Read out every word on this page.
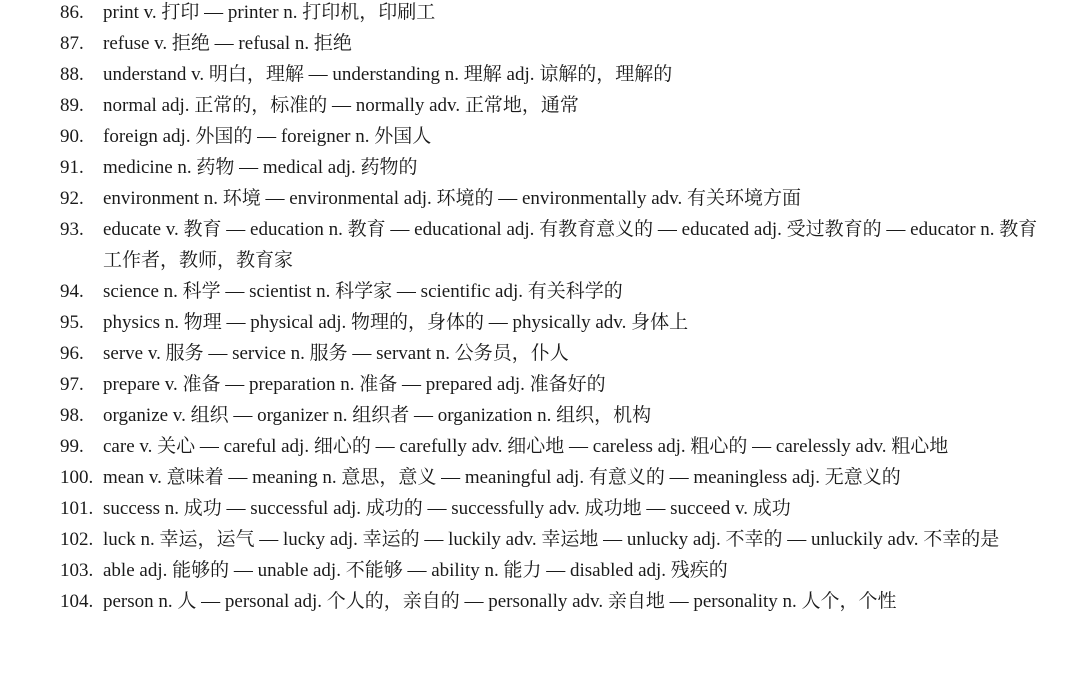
86.	print v. 打印 — printer n. 打印机，印刷工
87.	refuse v. 拒绝 — refusal n. 拒绝
88.	understand v. 明白，理解 — understanding n. 理解 adj. 谅解的，理解的
89.	normal adj. 正常的，标准的 — normally adv. 正常地，通常
90.	foreign adj. 外国的 — foreigner n. 外国人
91.	medicine n. 药物 — medical adj. 药物的
92.	environment n. 环境 — environmental adj. 环境的 — environmentally adv. 有关环境方面
93.	educate v. 教育 — education n. 教育 — educational adj. 有教育意义的 — educated adj. 受过教育的 — educator n. 教育工作者，教师，教育家
94.	science n. 科学 — scientist n. 科学家 — scientific adj. 有关科学的
95.	physics n. 物理 — physical adj. 物理的，身体的 — physically adv. 身体上
96.	serve v. 服务 — service n. 服务 — servant n. 公务员，仆人
97.	prepare v. 准备 — preparation n. 准备 — prepared adj. 准备好的
98.	organize v. 组织 — organizer n. 组织者 — organization n. 组织，机构
99.	care v. 关心 — careful adj. 细心的 — carefully adv. 细心地 — careless adj. 粗心的 — carelessly adv. 粗心地
100. mean v. 意味着 — meaning n. 意思，意义 — meaningful adj. 有意义的 — meaningless adj. 无意义的
101. success n. 成功 — successful adj. 成功的 — successfully adv. 成功地 — succeed v. 成功
102. luck n. 幸运，运气 — lucky adj. 幸运的 — luckily adv. 幸运地 — unlucky adj. 不幸的 — unluckily adv. 不幸的是
103. able adj. 能够的 — unable adj. 不能够 — ability n. 能力 — disabled adj. 残疾的
104. person n. 人 — personal adj. 个人的，亲自的 — personally adv. 亲自地 — personality n. 人个，个性
